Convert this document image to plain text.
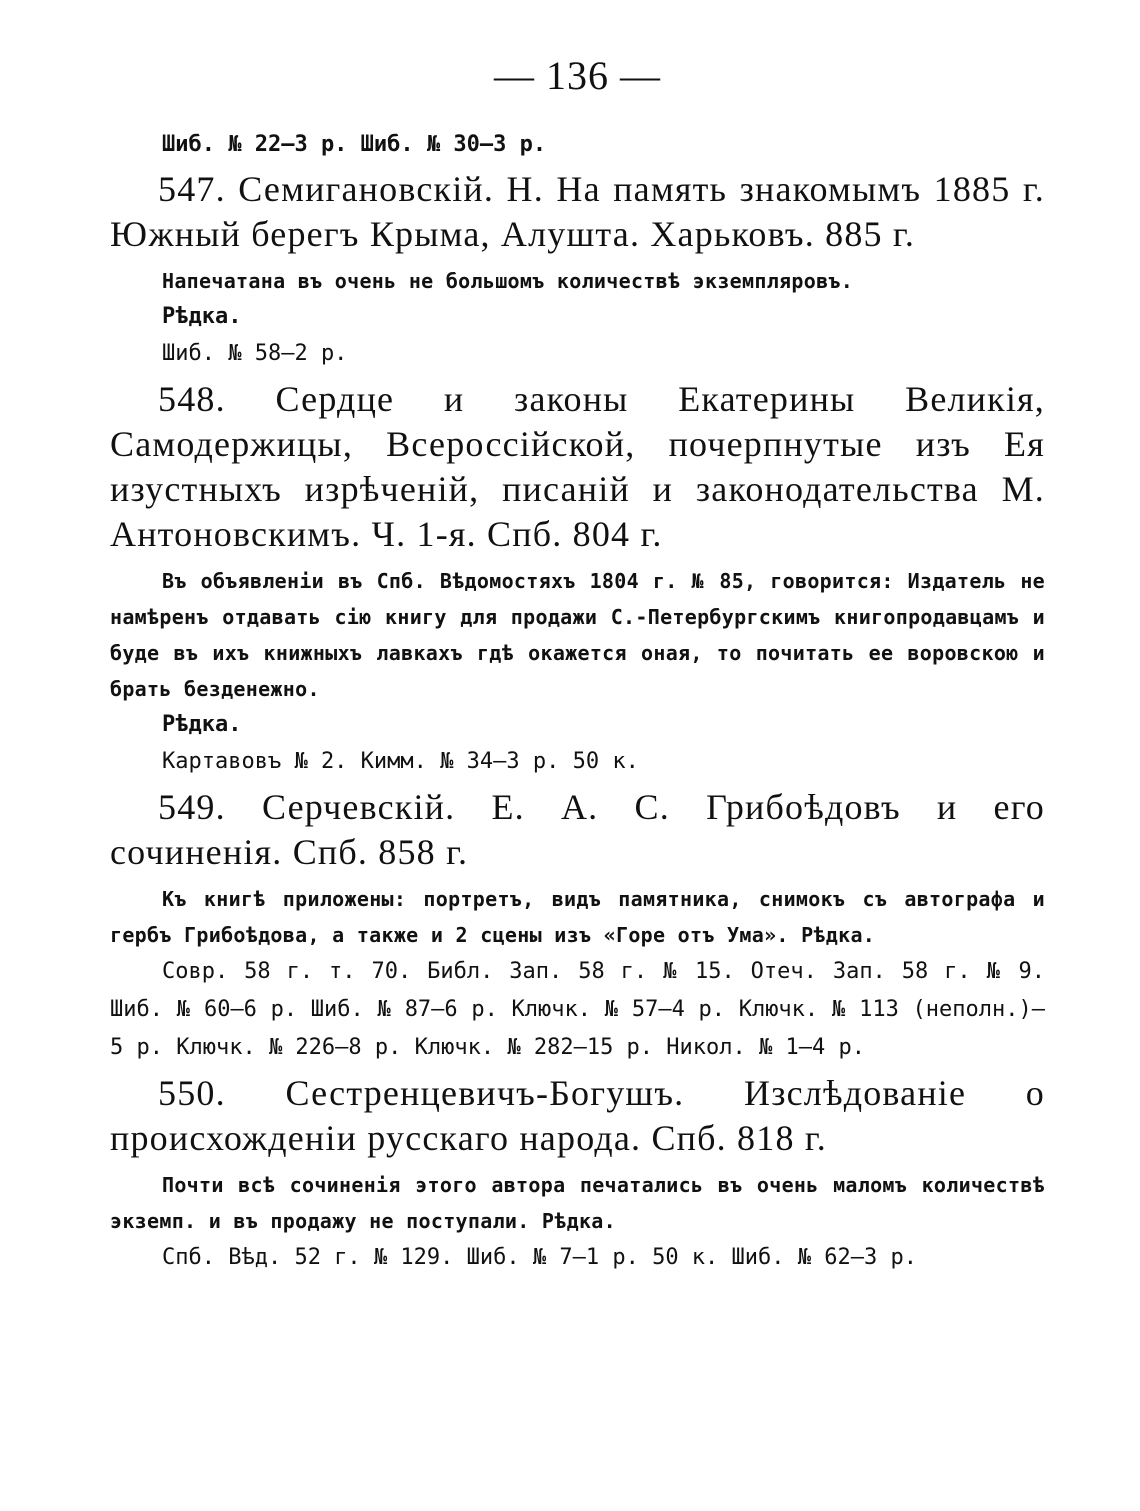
— 136 —

Шиб. № 22—3 р. Шиб. № 30—3 р.

547. Семигановскій. Н. На память знакомымъ 1885 г. Южный берегъ Крыма, Алушта. Харьковъ. 885 г.

Напечатана въ очень не большомъ количествѣ экземпляровъ.

Рѣдка.

Шиб. № 58—2 р.

548. Сердце и законы Екатерины Великія, Самодержицы, Всероссійской, почерпнутые изъ Ея изустныхъ изрѣченій, писаній и законодательства М. Антоновскимъ. Ч. 1-я. Спб. 804 г.

Въ объявленіи въ Спб. Вѣдомостяхъ 1804 г. № 85, говорится: Издатель не намѣренъ отдавать сію книгу для продажи С.-Петербургскимъ книгопродавцамъ и буде въ ихъ книжныхъ лавкахъ гдѣ окажется оная, то почитать ее воровскою и брать безденежно.

Рѣдка.

Картавовъ № 2. Кимм. № 34—3 р. 50 к.

549. Серчевскій. Е. А. С. Грибоѣдовъ и его сочиненія. Спб. 858 г.

Къ книгѣ приложены: портретъ, видъ памятника, снимокъ съ автографа и гербъ Грибоѣдова, а также и 2 сцены изъ «Горе отъ Ума». Рѣдка.

Совр. 58 г. т. 70. Библ. Зап. 58 г. № 15. Отеч. Зап. 58 г. № 9. Шиб. № 60—6 р. Шиб. № 87—6 р. Ключк. № 57—4 р. Ключк. № 113 (неполн.)—5 р. Ключк. № 226—8 р. Ключк. № 282—15 р. Никол. № 1—4 р.

550. Сестренцевичъ-Богушъ. Изслѣдованіе о происхожденіи русскаго народа. Спб. 818 г.

Почти всѣ сочиненія этого автора печатались въ очень маломъ количествѣ экземп. и въ продажу не поступали. Рѣдка.

Спб. Вѣд. 52 г. № 129. Шиб. № 7—1 р. 50 к. Шиб. № 62—3 р.
